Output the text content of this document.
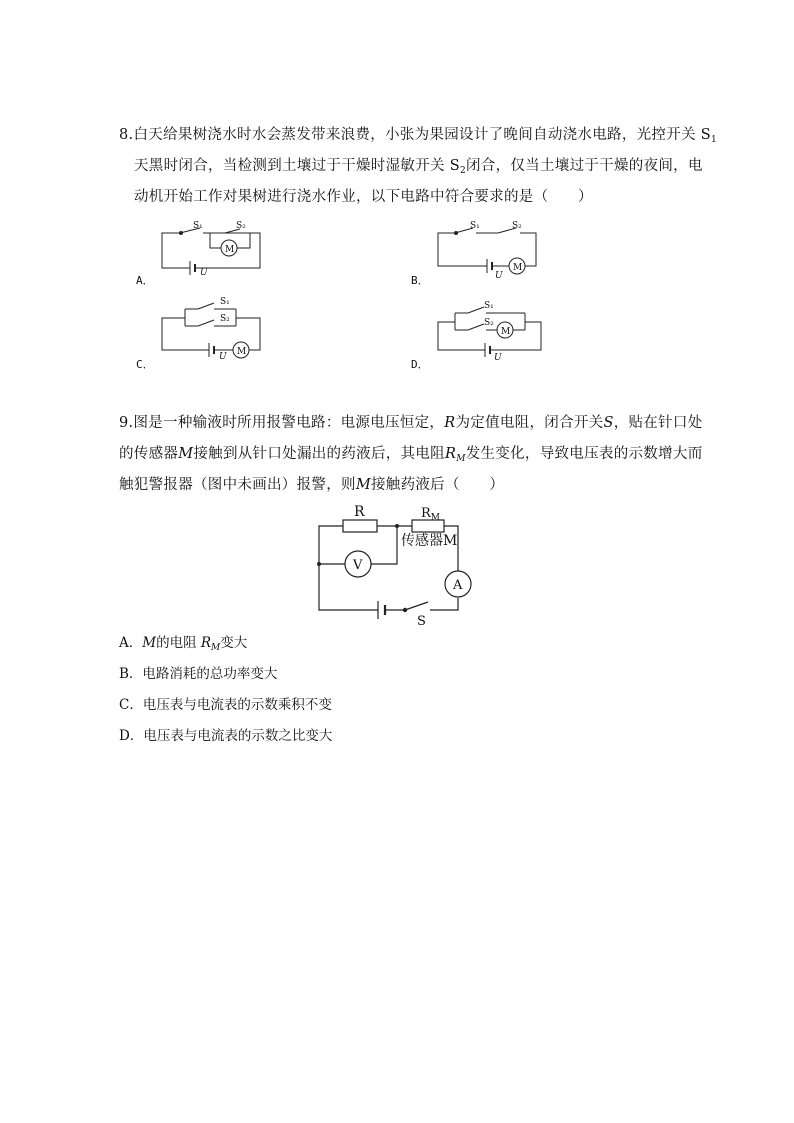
8.白天给果树浇水时水会蒸发带来浪费，小张为果园设计了晚间自动浇水电路，光控开关 $S_1$
天黑时闭合，当检测到土壤过于干燥时湿敏开关 $S_2$闭合，仅当土壤过于干燥的夜间，电
动机开始工作对果树进行浇水作业，以下电路中符合要求的是（　　）
A．	B．
C．	D．
S₁	S₂
M
U
S₁	S₂
M
U
S₁
S₂
M
U
S₁
S₂
M
U
9.图是一种输液时所用报警电路：电源电压恒定，R为定值电阻，闭合开关S，贴在针口处
的传感器M接触到从针口处漏出的药液后，其电阻$R_M$发生变化，导致电压表的示数增大而
触犯警报器（图中未画出）报警，则M接触药液后（　　）
R	$R_M$
传感器M
V
A
S
A．M的电阻 $R_M$变大
B．电路消耗的总功率变大
C．电压表与电流表的示数乘积不变
D．电压表与电流表的示数之比变大
